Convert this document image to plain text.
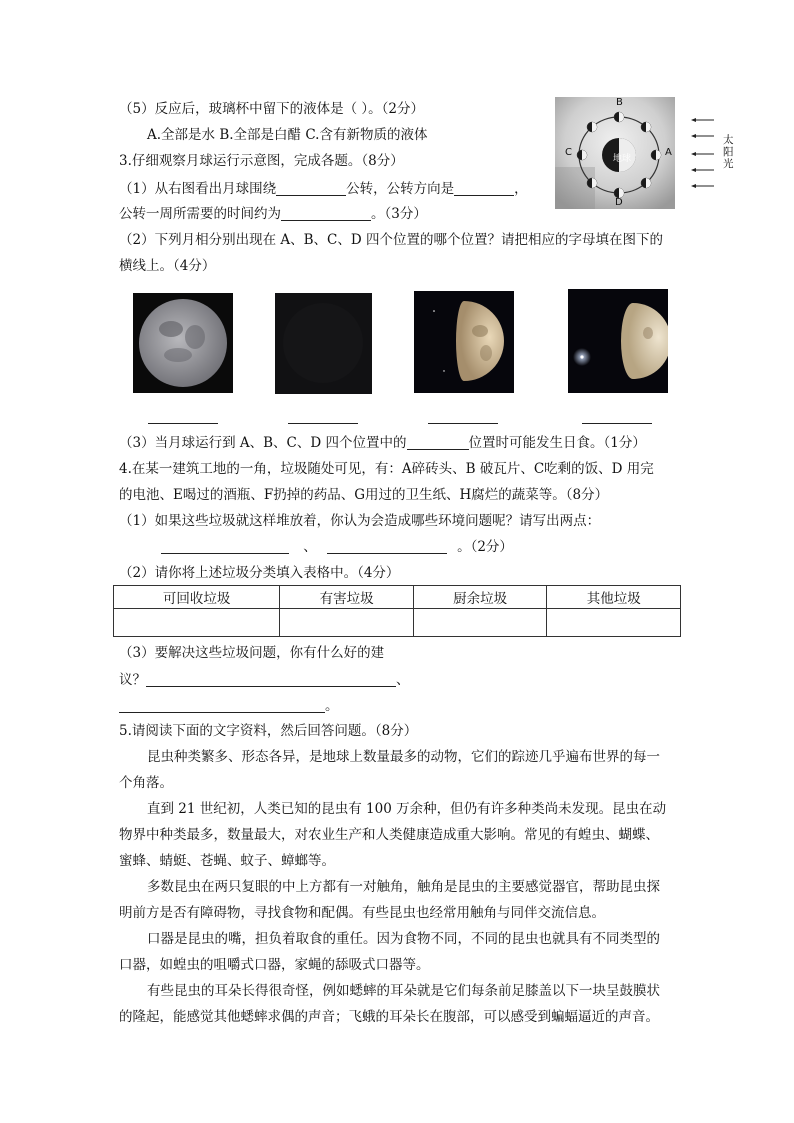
（5）反应后，玻璃杯中留下的液体是（ ）。（2分）
A.全部是水 B.全部是白醋 C.含有新物质的液体
3.仔细观察月球运行示意图，完成各题。（8分）
（1）从右图看出月球围绕	公转，公转方向是	，
公转一周所需要的时间约为	。（3分）
（2）下列月相分别出现在 A、B、C、D 四个位置的哪个位置？请把相应的字母填在图下的
横线上。（4分）
地球
B
C	A
D
太阳光
（3）当月球运行到 A、B、C、D 四个位置中的	位置时可能发生日食。（1分）
4.在某一建筑工地的一角，垃圾随处可见，有：A碎砖头、B 破瓦片、C吃剩的饭、D 用完
的电池、E喝过的酒瓶、F扔掉的药品、G用过的卫生纸、H腐烂的蔬菜等。（8分）
（1）如果这些垃圾就这样堆放着，你认为会造成哪些环境问题呢？请写出两点：
、	。（2分）
（2）请你将上述垃圾分类填入表格中。（4分）
可回收垃圾	有害垃圾	厨余垃圾	其他垃圾

（3）要解决这些垃圾问题，你有什么好的建
议？	、
。
5.请阅读下面的文字资料，然后回答问题。（8分）
昆虫种类繁多、形态各异，是地球上数量最多的动物，它们的踪迹几乎遍布世界的每一
个角落。
直到 21 世纪初，人类已知的昆虫有 100 万余种，但仍有许多种类尚未发现。昆虫在动
物界中种类最多，数量最大，对农业生产和人类健康造成重大影响。常见的有蝗虫、蝴蝶、
蜜蜂、蜻蜓、苍蝇、蚊子、蟑螂等。
多数昆虫在两只复眼的中上方都有一对触角，触角是昆虫的主要感觉器官，帮助昆虫探
明前方是否有障碍物，寻找食物和配偶。有些昆虫也经常用触角与同伴交流信息。
口器是昆虫的嘴，担负着取食的重任。因为食物不同，不同的昆虫也就具有不同类型的
口器，如蝗虫的咀嚼式口器，家蝇的舔吸式口器等。
有些昆虫的耳朵长得很奇怪，例如蟋蟀的耳朵就是它们每条前足膝盖以下一块呈鼓膜状
的隆起，能感觉其他蟋蟀求偶的声音；飞蛾的耳朵长在腹部，可以感受到蝙蝠逼近的声音。
